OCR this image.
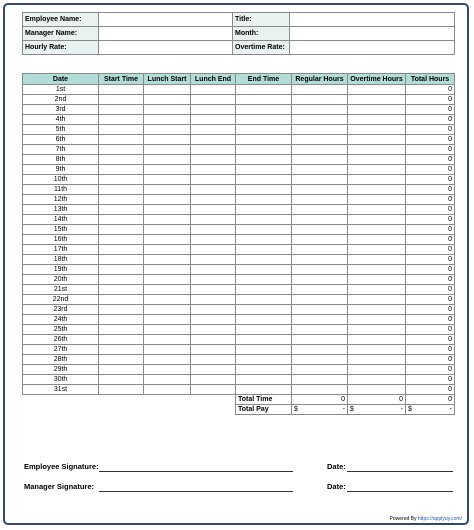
Employee Name:		Title:	
Manager Name:		Month:	
Hourly Rate:		Overtime Rate:	
Date	Start Time	Lunch Start	Lunch End	End Time	Regular Hours	Overtime Hours	Total Hours
1st							0
2nd							0
3rd							0
4th							0
5th							0
6th							0
7th							0
8th							0
9th							0
10th							0
11th							0
12th							0
13th							0
14th							0
15th							0
16th							0
17th							0
18th							0
19th							0
20th							0
21st							0
22nd							0
23rd							0
24th							0
25th							0
26th							0
27th							0
28th							0
29th							0
30th							0
31st							0
				Total Time	0	0	0
				Total Pay	$ -	$ -	$ -
Employee Signature:	Date:
Manager Signature:	Date:
Powered By https://applyuy.com/
